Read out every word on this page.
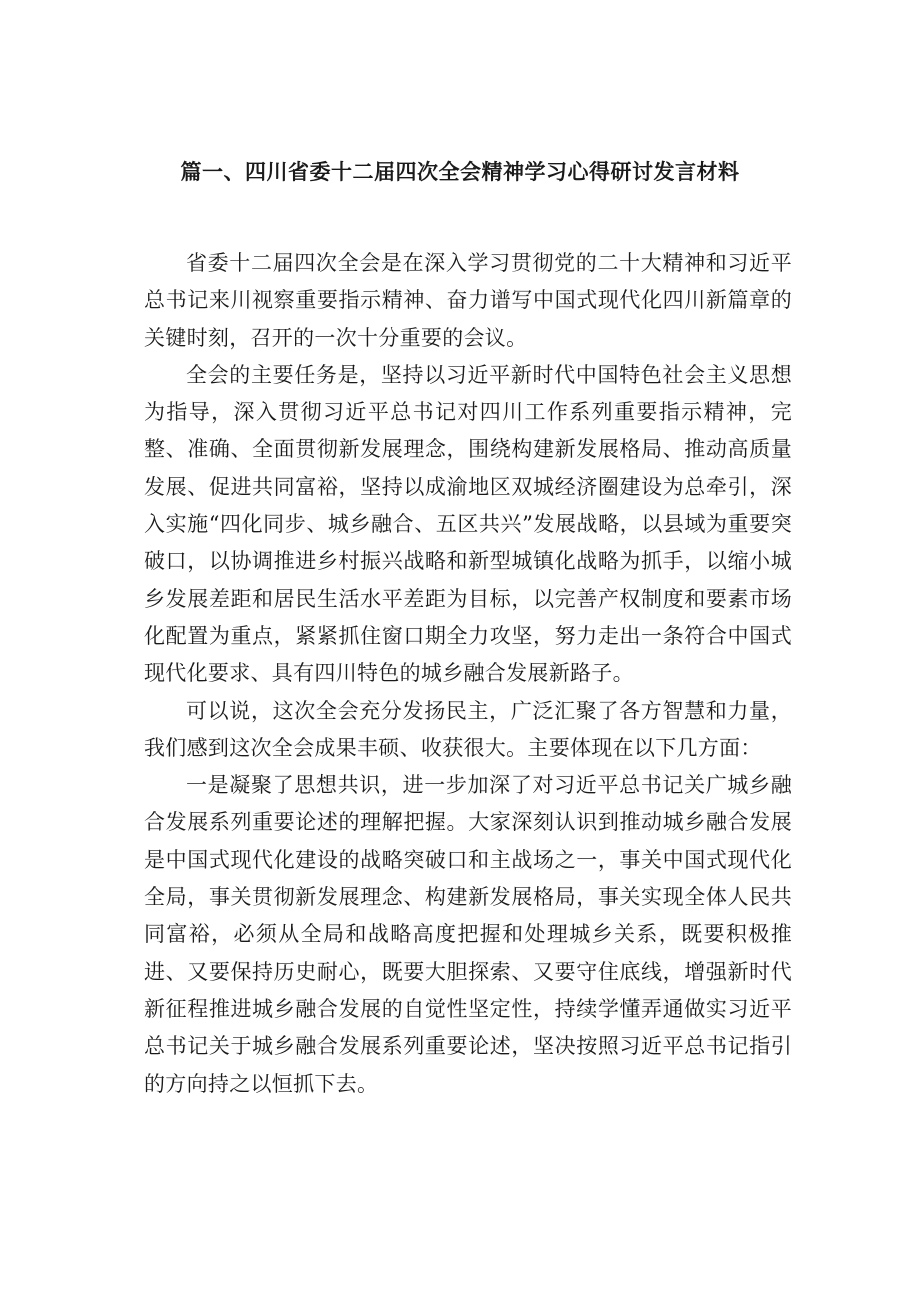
篇一、四川省委十二届四次全会精神学习心得研讨发言材料

省委十二届四次全会是在深入学习贯彻党的二十大精神和习近平总书记来川视察重要指示精神、奋力谱写中国式现代化四川新篇章的关键时刻，召开的一次十分重要的会议。

全会的主要任务是，坚持以习近平新时代中国特色社会主义思想为指导，深入贯彻习近平总书记对四川工作系列重要指示精神，完整、准确、全面贯彻新发展理念，围绕构建新发展格局、推动高质量发展、促进共同富裕，坚持以成渝地区双城经济圈建设为总牵引，深入实施“四化同步、城乡融合、五区共兴”发展战略，以县域为重要突破口，以协调推进乡村振兴战略和新型城镇化战略为抓手，以缩小城乡发展差距和居民生活水平差距为目标，以完善产权制度和要素市场化配置为重点，紧紧抓住窗口期全力攻坚，努力走出一条符合中国式现代化要求、具有四川特色的城乡融合发展新路子。

可以说，这次全会充分发扬民主，广泛汇聚了各方智慧和力量，我们感到这次全会成果丰硕、收获很大。主要体现在以下几方面：

一是凝聚了思想共识，进一步加深了对习近平总书记关广城乡融合发展系列重要论述的理解把握。大家深刻认识到推动城乡融合发展是中国式现代化建设的战略突破口和主战场之一，事关中国式现代化全局，事关贯彻新发展理念、构建新发展格局，事关实现全体人民共同富裕，必须从全局和战略高度把握和处理城乡关系，既要积极推进、又要保持历史耐心，既要大胆探索、又要守住底线，增强新时代新征程推进城乡融合发展的自觉性坚定性，持续学懂弄通做实习近平总书记关于城乡融合发展系列重要论述，坚决按照习近平总书记指引的方向持之以恒抓下去。
